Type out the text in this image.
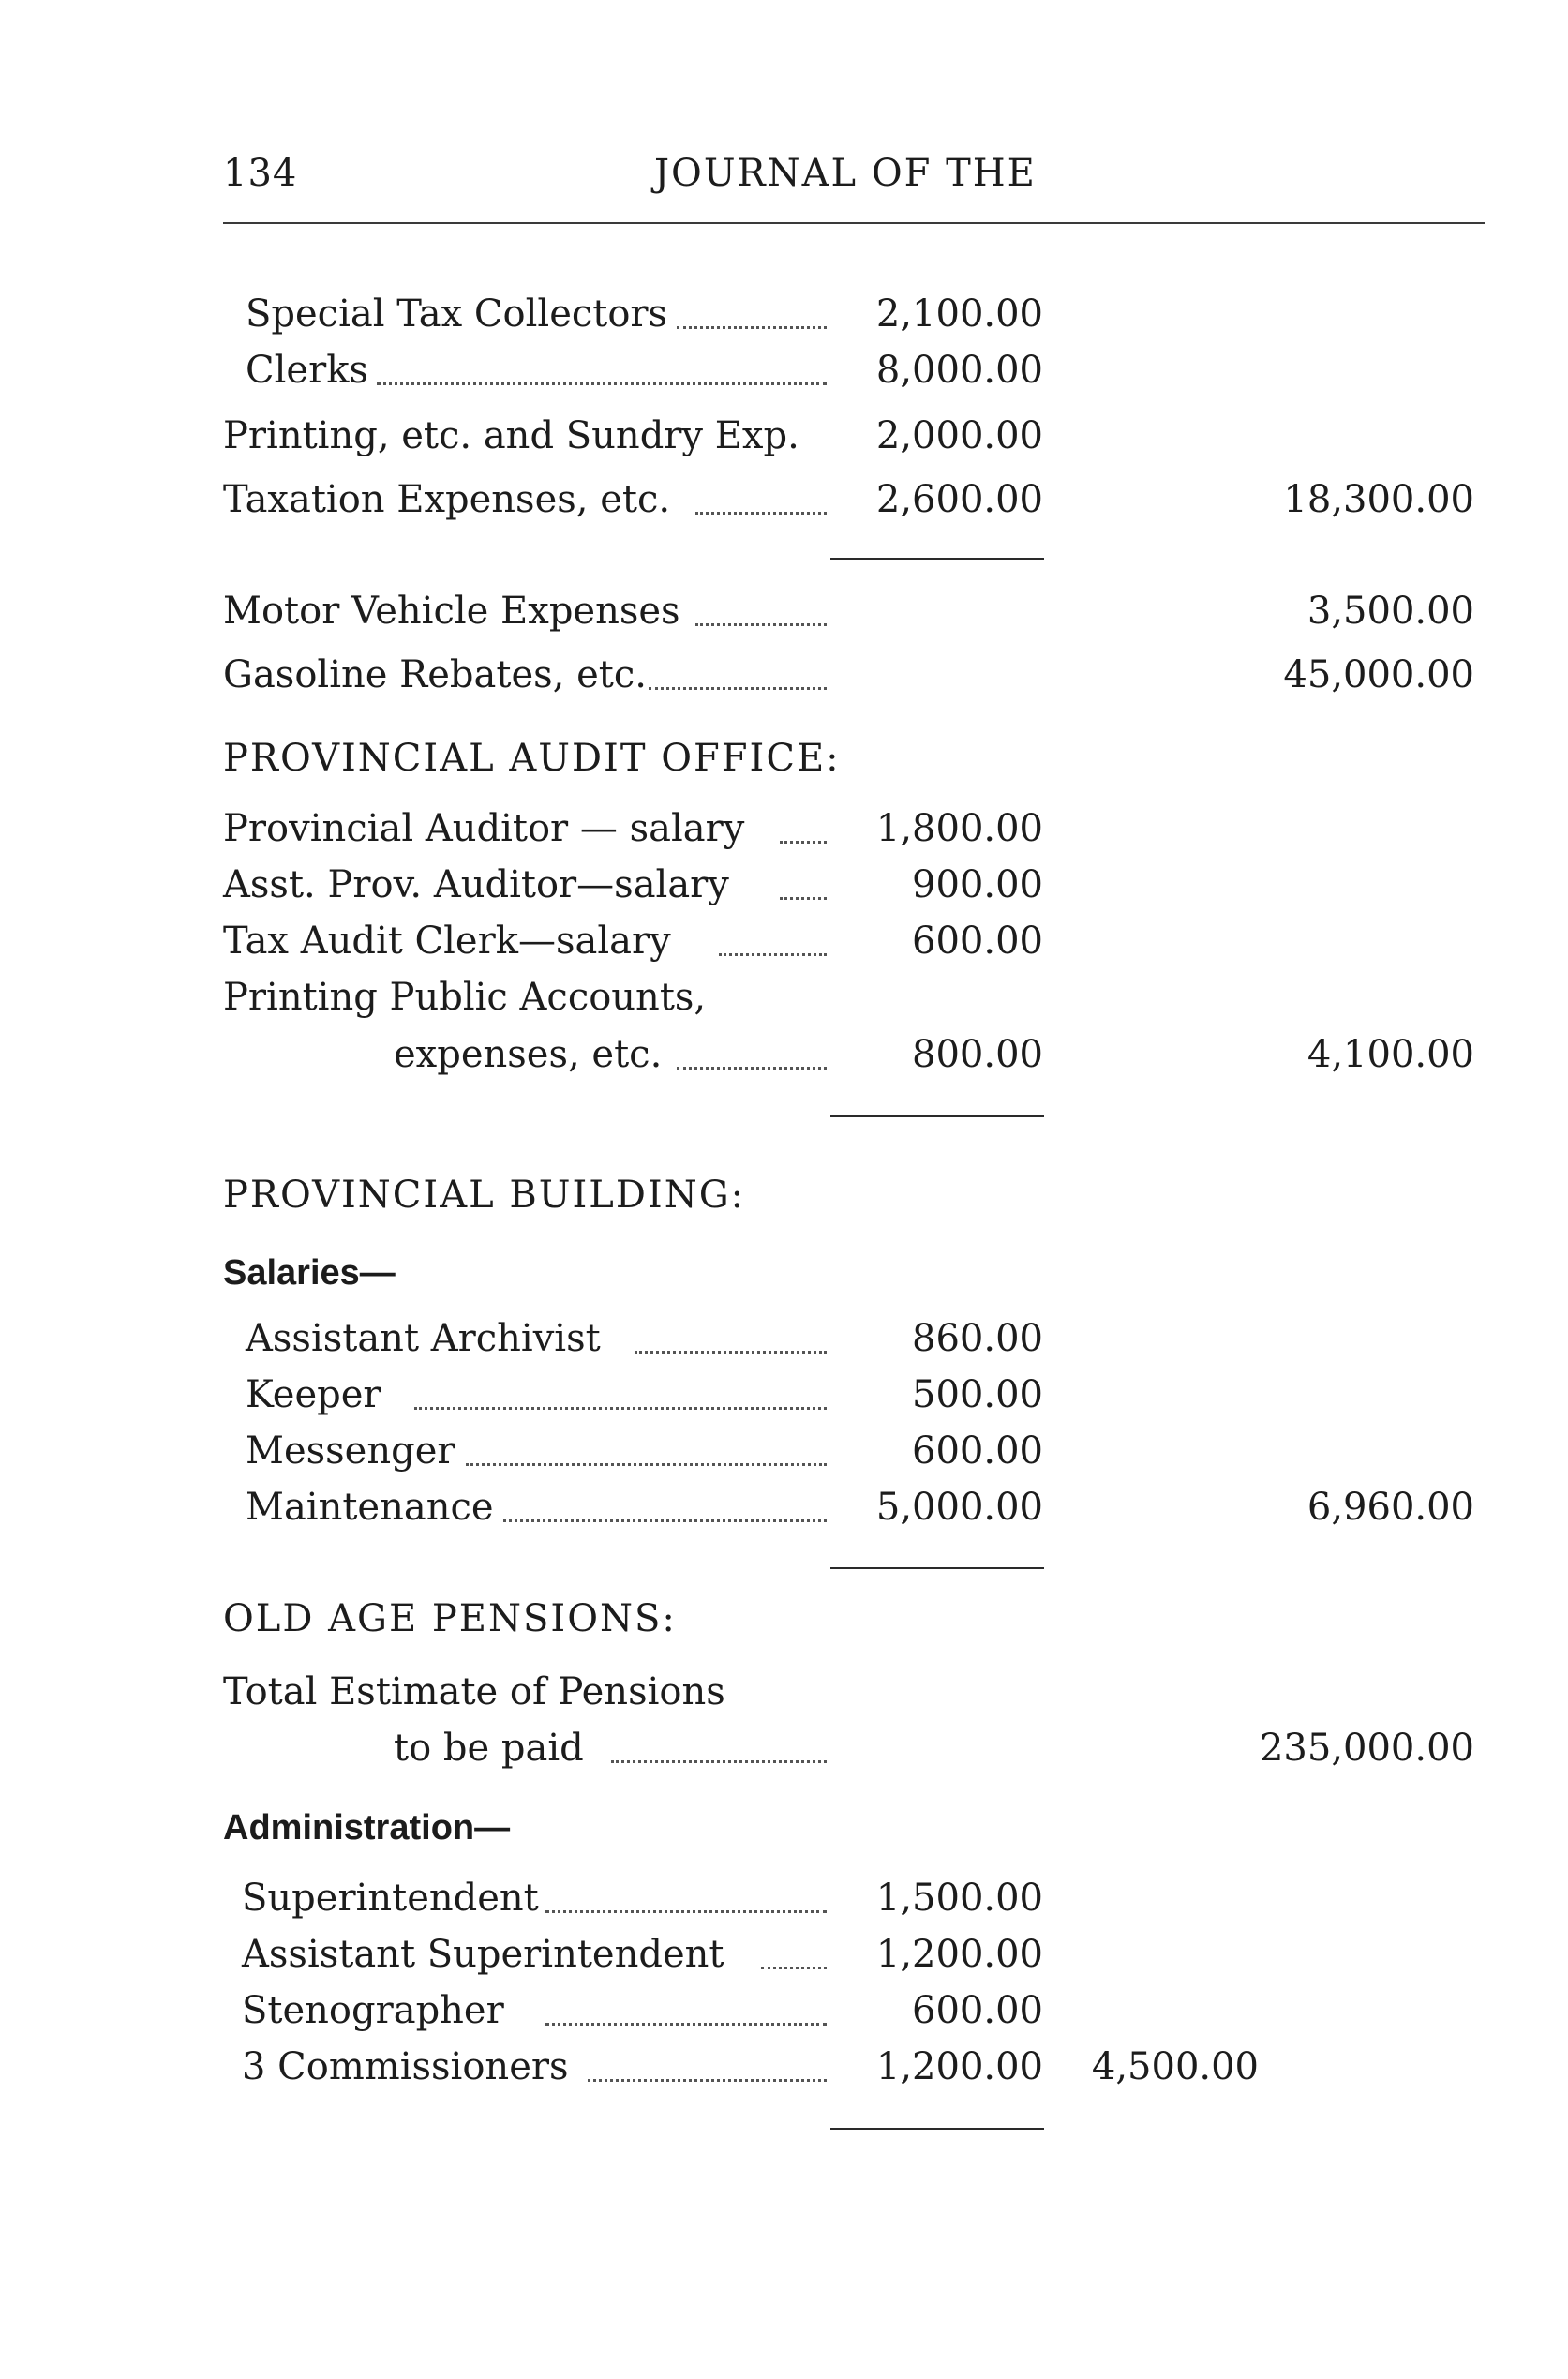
134	JOURNAL OF THE
Special Tax Collectors	2,100.00
Clerks	8,000.00
Printing, etc. and Sundry Exp.	2,000.00
Taxation Expenses, etc.	2,600.00	18,300.00
Motor Vehicle Expenses	3,500.00
Gasoline Rebates, etc.	45,000.00
PROVINCIAL AUDIT OFFICE:
Provincial Auditor — salary	1,800.00
Asst. Prov. Auditor—salary	900.00
Tax Audit Clerk—salary	600.00
Printing Public Accounts,
expenses, etc.	800.00	4,100.00
PROVINCIAL BUILDING:
Salaries—
Assistant Archivist	860.00
Keeper	500.00
Messenger	600.00
Maintenance	5,000.00	6,960.00
OLD AGE PENSIONS:
Total Estimate of Pensions
to be paid	235,000.00
Administration—
Superintendent	1,500.00
Assistant Superintendent	1,200.00
Stenographer	600.00
3 Commissioners	1,200.00	4,500.00
